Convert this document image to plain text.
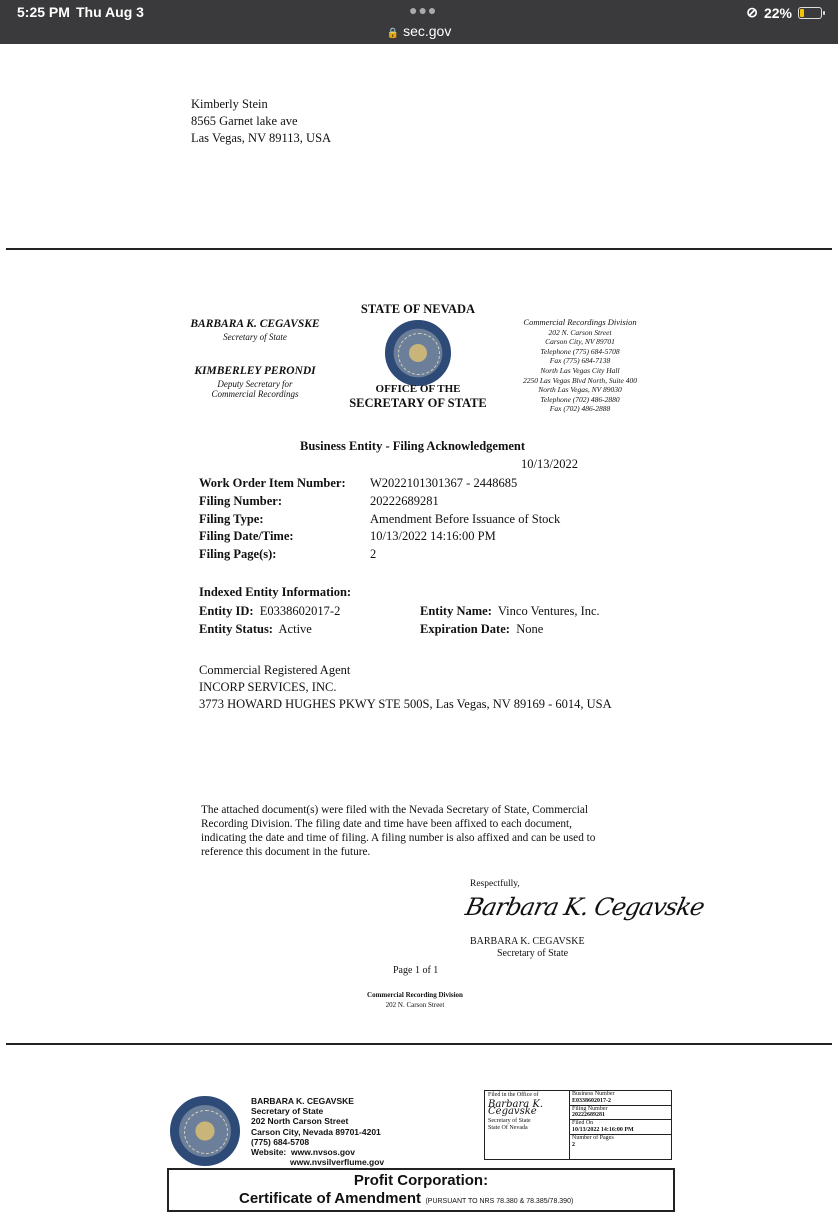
5:25 PM Thu Aug 3	●●●
🔒 sec.gov
⊘ 22%
Kimberly Stein
8565 Garnet lake ave
Las Vegas, NV 89113, USA
BARBARA K. CEGAVSKE
Secretary of State
KIMBERLEY PERONDI
Deputy Secretary for
Commercial Recordings
STATE OF NEVADA
OFFICE OF THE
SECRETARY OF STATE
Commercial Recordings Division
202 N. Carson Street
Carson City, NV 89701
Telephone (775) 684-5708
Fax (775) 684-7138
North Las Vegas City Hall
2250 Las Vegas Blvd North, Suite 400
North Las Vegas, NV 89030
Telephone (702) 486-2880
Fax (702) 486-2888
Business Entity - Filing Acknowledgement
10/13/2022
Work Order Item Number: W2022101301367 - 2448685
Filing Number:	20222689281
Filing Type:	Amendment Before Issuance of Stock
Filing Date/Time:	10/13/2022 14:16:00 PM
Filing Page(s):	2
Indexed Entity Information:
Entity ID: E0338602017-2	Entity Name: Vinco Ventures, Inc.
Entity Status: Active	Expiration Date: None
Commercial Registered Agent
INCORP SERVICES, INC.
3773 HOWARD HUGHES PKWY STE 500S, Las Vegas, NV 89169 - 6014, USA
The attached document(s) were filed with the Nevada Secretary of State, Commercial
Recording Division. The filing date and time have been affixed to each document,
indicating the date and time of filing. A filing number is also affixed and can be used to
reference this document in the future.
Respectfully,
Barbara K. Cegavske
BARBARA K. CEGAVSKE
Secretary of State
Page 1 of 1
Commercial Recording Division
202 N. Carson Street
BARBARA K. CEGAVSKE
Secretary of State
202 North Carson Street
Carson City, Nevada 89701-4201
(775) 684-5708
Website: www.nvsos.gov
www.nvsilverflume.gov
Filed in the Office of
Barbara K. Cegavske
Secretary of State
State Of Nevada
Business Number
E0338602017-2
Filing Number
20222689281
Filed On
10/13/2022 14:16:00 PM
Number of Pages
2
Profit Corporation:
Certificate of Amendment (PURSUANT TO NRS 78.380 & 78.385/78.390)
